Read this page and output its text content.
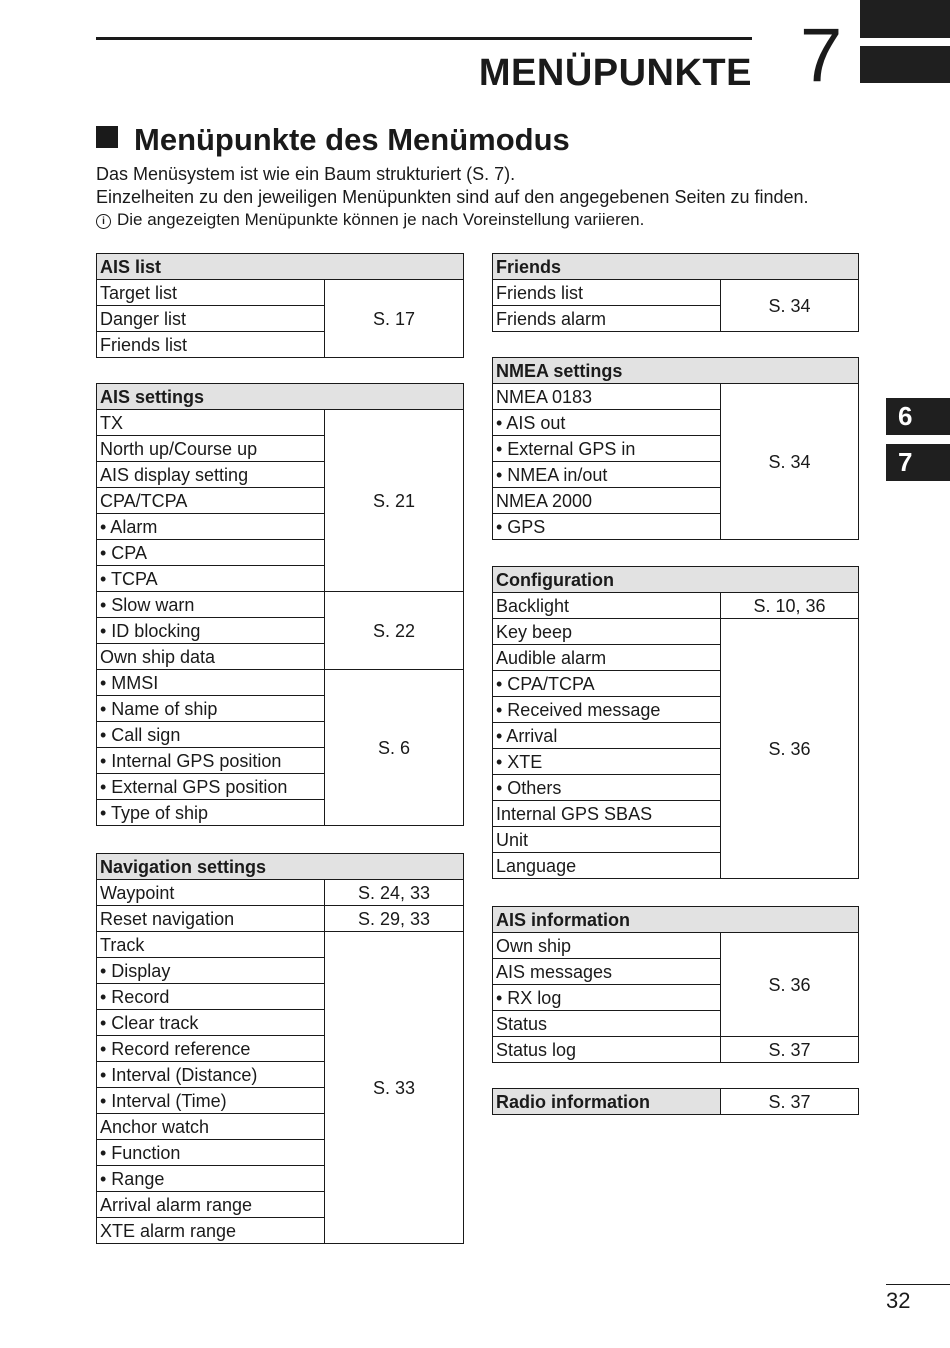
MENÜPUNKTE 7
Menüpunkte des Menümodus
Das Menüsystem ist wie ein Baum strukturiert (S. 7).
Einzelheiten zu den jeweiligen Menüpunkten sind auf den angegebenen Seiten zu finden.
i Die angezeigten Menüpunkte können je nach Voreinstellung variieren.
6
7
32
AIS list
Target list	S. 17
Danger list
Friends list
AIS settings	
TX	S. 21
North up/Course up	
AIS display setting	
CPA/TCPA	
• Alarm	
• CPA	
• TCPA	
• Slow warn	S. 22
• ID blocking	
Own ship data	
• MMSI	S. 6
• Name of ship	
• Call sign	
• Internal GPS position	
• External GPS position	
• Type of ship	
Navigation settings	
Waypoint	S. 24, 33
Reset navigation	S. 29, 33
Track	S. 33
• Display	
• Record	
• Clear track	
• Record reference	
• Interval (Distance)	
• Interval (Time)	
Anchor watch	
• Function	
• Range	
Arrival alarm range	
XTE alarm range	
Friends
Friends list	S. 34
Friends alarm
NMEA settings
NMEA 0183	S. 34
• AIS out
• External GPS in
• NMEA in/out
NMEA 2000
• GPS
Configuration	
Backlight	S. 10, 36
Key beep	S. 36
Audible alarm	
• CPA/TCPA	
• Received message	
• Arrival	
• XTE	
• Others	
Internal GPS SBAS	
Unit	
Language	
AIS information	
Own ship	S. 36
AIS messages	
• RX log	
Status	
Status log	S. 37
Radio information	S. 37
